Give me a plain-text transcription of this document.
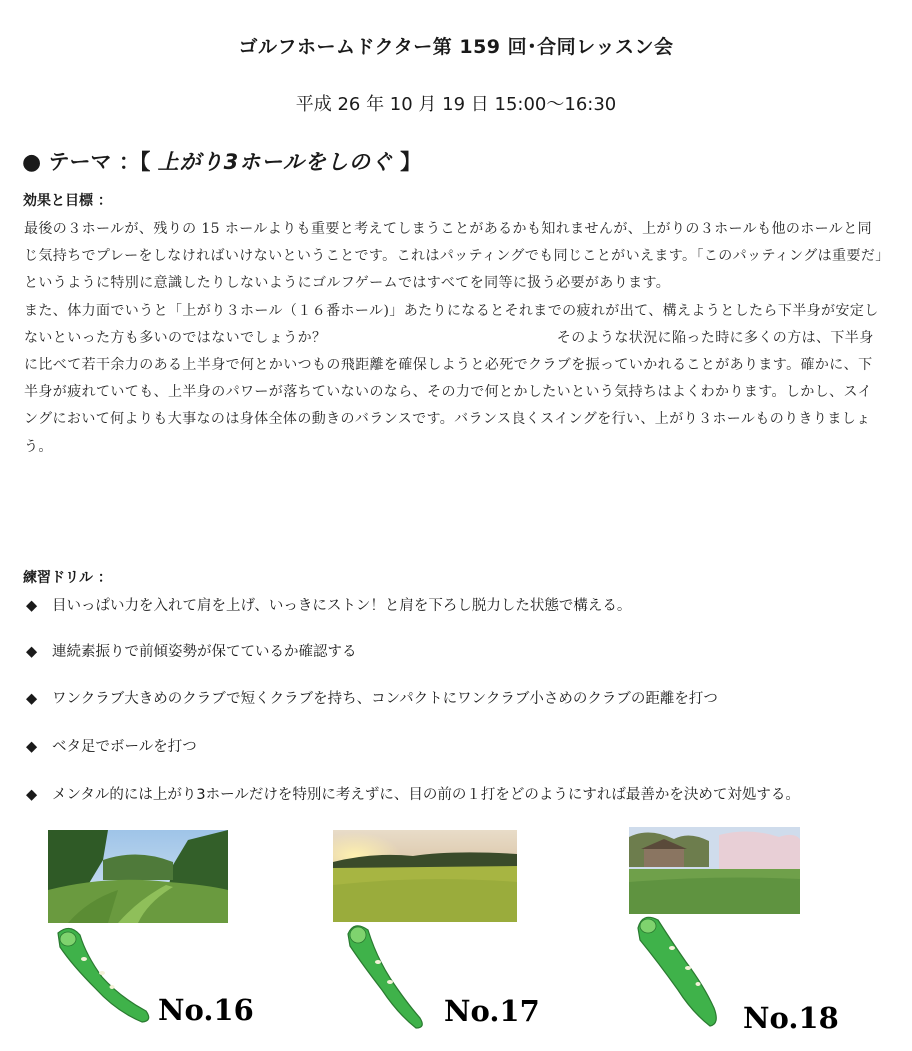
ゴルフホームドクター第 159 回･合同レッスン会
平成 26 年 10 月 19 日 15:00～16:30
● テーマ ：【 上がり3ホールをしのぐ 】
効果と目標 ：

最後の３ホールが、残りの 15 ホールよりも重要と考えてしまうことがあるかも知れませんが、上がりの３ホールも他のホールと同じ気持ちでプレーをしなければいけないということです。これはパッティングでも同じことがいえます。「このパッティングは重要だ」というように特別に意識したりしないようにゴルフゲームではすべてを同等に扱う必要があります。

また、体力面でいうと「上がり３ホール（１６番ホール)」あたりになるとそれまでの疲れが出て、構えようとしたら下半身が安定しないといった方も多いのではないでしょうか？　　　　　　　　　　　　　　　　そのような状況に陥った時に多くの方は、下半身に比べて若干余力のある上半身で何とかいつもの飛距離を確保しようと必死でクラブを振っていかれることがあります。確かに、下半身が疲れていても、上半身のパワーが落ちていないのなら、その力で何とかしたいという気持ちはよくわかります。しかし、スイングにおいて何よりも大事なのは身体全体の動きのバランスです。バランス良くスイングを行い、上がり３ホールものりきりましょう。

練習ドリル ：
◆ 目いっぱい力を入れて肩を上げ、いっきにストン！と肩を下ろし脱力した状態で構える。
◆ 連続素振りで前傾姿勢が保てているか確認する
◆ ワンクラブ大きめのクラブで短くクラブを持ち、コンパクトにワンクラブ小さめのクラブの距離を打つ
◆ ベタ足でボールを打つ
◆ メンタル的には上がり3ホールだけを特別に考えずに、目の前の１打をどのようにすれば最善かを決めて対処する。
No.16	No.17	No.18
